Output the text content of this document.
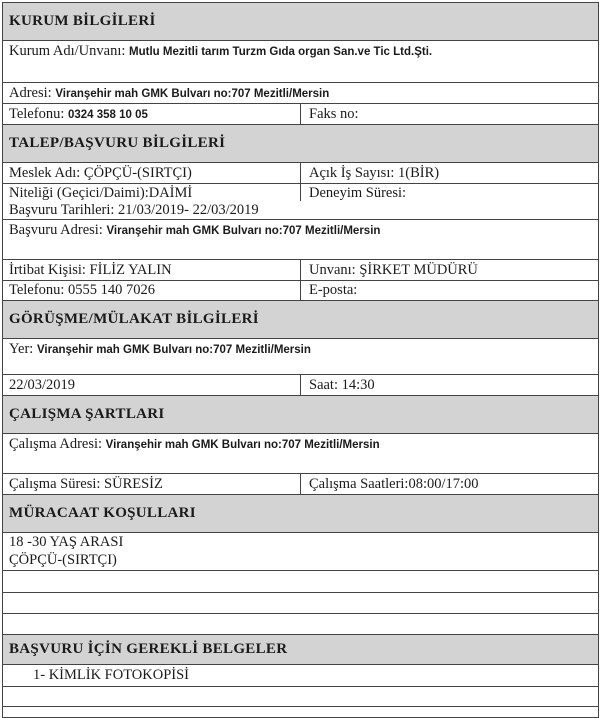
KURUM BİLGİLERİ
Kurum Adı/Unvanı: Mutlu Mezitli tarım Turzm Gıda organ San.ve Tic Ltd.Şti.
Adresi: Viranşehir mah GMK Bulvarı no:707 Mezitli/Mersin
Telefonu: 0324 358 10 05	Faks no:
TALEP/BAŞVURU BİLGİLERİ
Meslek Adı: ÇÖPÇÜ-(SIRTÇI)	Açık İş Sayısı: 1(BİR)
Niteliği (Geçici/Daimi):DAİMİ	Deneyim Süresi:
Başvuru Tarihleri: 21/03/2019- 22/03/2019
Başvuru Adresi: Viranşehir mah GMK Bulvarı no:707 Mezitli/Mersin
İrtibat Kişisi: FİLİZ YALIN	Unvanı: ŞİRKET MÜDÜRÜ
Telefonu: 0555 140 7026	E-posta:
GÖRÜŞME/MÜLAKAT BİLGİLERİ
Yer: Viranşehir mah GMK Bulvarı no:707 Mezitli/Mersin
22/03/2019	Saat: 14:30
ÇALIŞMA ŞARTLARI
Çalışma Adresi: Viranşehir mah GMK Bulvarı no:707 Mezitli/Mersin
Çalışma Süresi: SÜRESİZ	Çalışma Saatleri:08:00/17:00
MÜRACAAT KOŞULLARI
18 -30 YAŞ ARASI
ÇÖPÇÜ-(SIRTÇI)
BAŞVURU İÇİN GEREKLİ BELGELER
1- KİMLİK FOTOKOPİSİ
